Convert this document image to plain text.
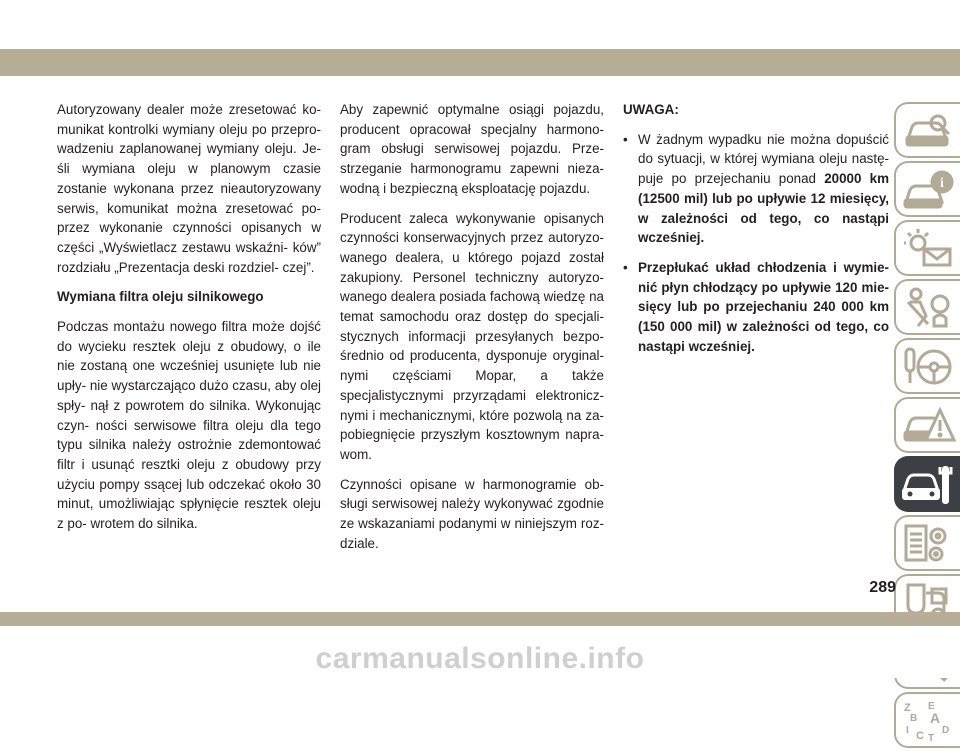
Autoryzowany dealer może zresetować ko- munikat kontrolki wymiany oleju po przepro- wadzeniu zaplanowanej wymiany oleju. Je- śli wymiana oleju w planowym czasie zostanie wykonana przez nieautoryzowany serwis, komunikat można zresetować po- przez wykonanie czynności opisanych w części „Wyświetlacz zestawu wskaźni- ków” rozdziału „Prezentacja deski rozdziel- czej”.

Wymiana filtra oleju silnikowego

Podczas montażu nowego filtra może dojść do wycieku resztek oleju z obudowy, o ile nie zostaną one wcześniej usunięte lub nie upły- nie wystarczająco dużo czasu, aby olej spły- nął z powrotem do silnika. Wykonując czyn- ności serwisowe filtra oleju dla tego typu silnika należy ostrożnie zdemontować filtr i usunąć resztki oleju z obudowy przy użyciu pompy ssącej lub odczekać około 30 minut, umożliwiając spłynięcie resztek oleju z po- wrotem do silnika.

Aby zapewnić optymalne osiągi pojazdu, producent opracował specjalny harmono- gram obsługi serwisowej pojazdu. Prze- strzeganie harmonogramu zapewni nieza- wodną i bezpieczną eksploatację pojazdu.

Producent zaleca wykonywanie opisanych czynności konserwacyjnych przez autoryzo- wanego dealera, u którego pojazd został zakupiony. Personel techniczny autoryzo- wanego dealera posiada fachową wiedzę na temat samochodu oraz dostęp do specjali- stycznych informacji przesyłanych bezpo- średnio od producenta, dysponuje oryginal- nymi częściami Mopar, a także specjalistycznymi przyrządami elektronicz- nymi i mechanicznymi, które pozwolą na za- pobiegnięcie przyszłym kosztownym napra- wom.

Czynności opisane w harmonogramie ob- sługi serwisowej należy wykonywać zgodnie ze wskazaniami podanymi w niniejszym roz- dziale.

UWAGA:

• W żadnym wypadku nie można dopuścić do sytuacji, w której wymiana oleju nastę- puje po przejechaniu ponad 20000 km (12500 mil) lub po upływie 12 miesięcy, w zależności od tego, co nastąpi wcześniej.
• Przepłukać układ chłodzenia i wymie- nić płyn chłodzący po upływie 120 mie- sięcy lub po przejechaniu 240 000 km (150 000 mil) w zależności od tego, co nastąpi wcześniej.
i
Z E
B A
I	D
C T
289
carmanualsonline.info
